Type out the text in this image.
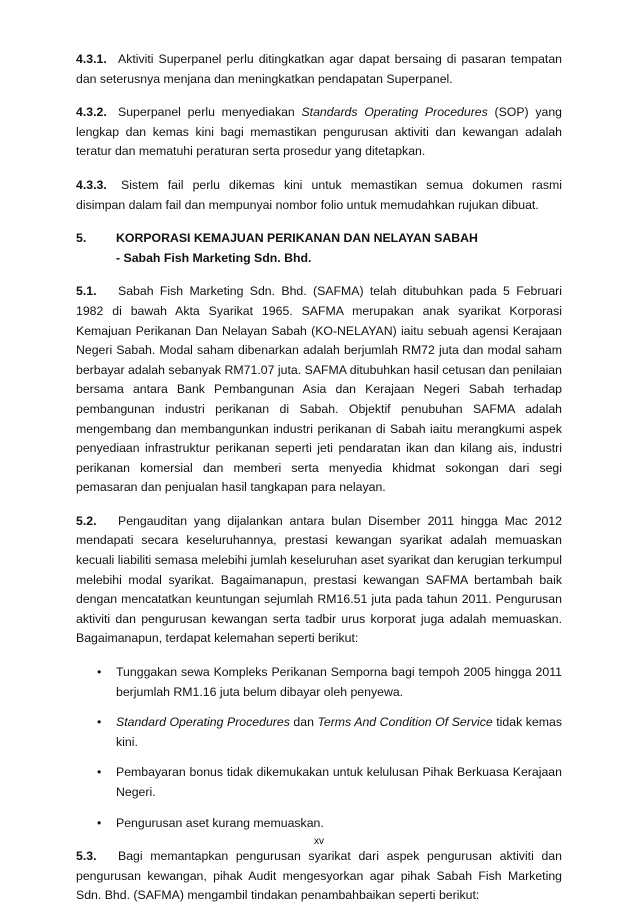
4.3.1. Aktiviti Superpanel perlu ditingkatkan agar dapat bersaing di pasaran tempatan dan seterusnya menjana dan meningkatkan pendapatan Superpanel.

4.3.2. Superpanel perlu menyediakan Standards Operating Procedures (SOP) yang lengkap dan kemas kini bagi memastikan pengurusan aktiviti dan kewangan adalah teratur dan mematuhi peraturan serta prosedur yang ditetapkan.

4.3.3. Sistem fail perlu dikemas kini untuk memastikan semua dokumen rasmi disimpan dalam fail dan mempunyai nombor folio untuk memudahkan rujukan dibuat.

5.	KORPORASI KEMAJUAN PERIKANAN DAN NELAYAN SABAH
- Sabah Fish Marketing Sdn. Bhd.

5.1. Sabah Fish Marketing Sdn. Bhd. (SAFMA) telah ditubuhkan pada 5 Februari 1982 di bawah Akta Syarikat 1965. SAFMA merupakan anak syarikat Korporasi Kemajuan Perikanan Dan Nelayan Sabah (KO-NELAYAN) iaitu sebuah agensi Kerajaan Negeri Sabah. Modal saham dibenarkan adalah berjumlah RM72 juta dan modal saham berbayar adalah sebanyak RM71.07 juta. SAFMA ditubuhkan hasil cetusan dan penilaian bersama antara Bank Pembangunan Asia dan Kerajaan Negeri Sabah terhadap pembangunan industri perikanan di Sabah. Objektif penubuhan SAFMA adalah mengembang dan membangunkan industri perikanan di Sabah iaitu merangkumi aspek penyediaan infrastruktur perikanan seperti jeti pendaratan ikan dan kilang ais, industri perikanan komersial dan memberi serta menyedia khidmat sokongan dari segi pemasaran dan penjualan hasil tangkapan para nelayan.

5.2. Pengauditan yang dijalankan antara bulan Disember 2011 hingga Mac 2012 mendapati secara keseluruhannya, prestasi kewangan syarikat adalah memuaskan kecuali liabiliti semasa melebihi jumlah keseluruhan aset syarikat dan kerugian terkumpul melebihi modal syarikat. Bagaimanapun, prestasi kewangan SAFMA bertambah baik dengan mencatatkan keuntungan sejumlah RM16.51 juta pada tahun 2011. Pengurusan aktiviti dan pengurusan kewangan serta tadbir urus korporat juga adalah memuaskan. Bagaimanapun, terdapat kelemahan seperti berikut:

• Tunggakan sewa Kompleks Perikanan Semporna bagi tempoh 2005 hingga 2011 berjumlah RM1.16 juta belum dibayar oleh penyewa.
• Standard Operating Procedures dan Terms And Condition Of Service tidak kemas kini.
• Pembayaran bonus tidak dikemukakan untuk kelulusan Pihak Berkuasa Kerajaan Negeri.
• Pengurusan aset kurang memuaskan.

5.3. Bagi memantapkan pengurusan syarikat dari aspek pengurusan aktiviti dan pengurusan kewangan, pihak Audit mengesyorkan agar pihak Sabah Fish Marketing Sdn. Bhd. (SAFMA) mengambil tindakan penambahbaikan seperti berikut:

xv
